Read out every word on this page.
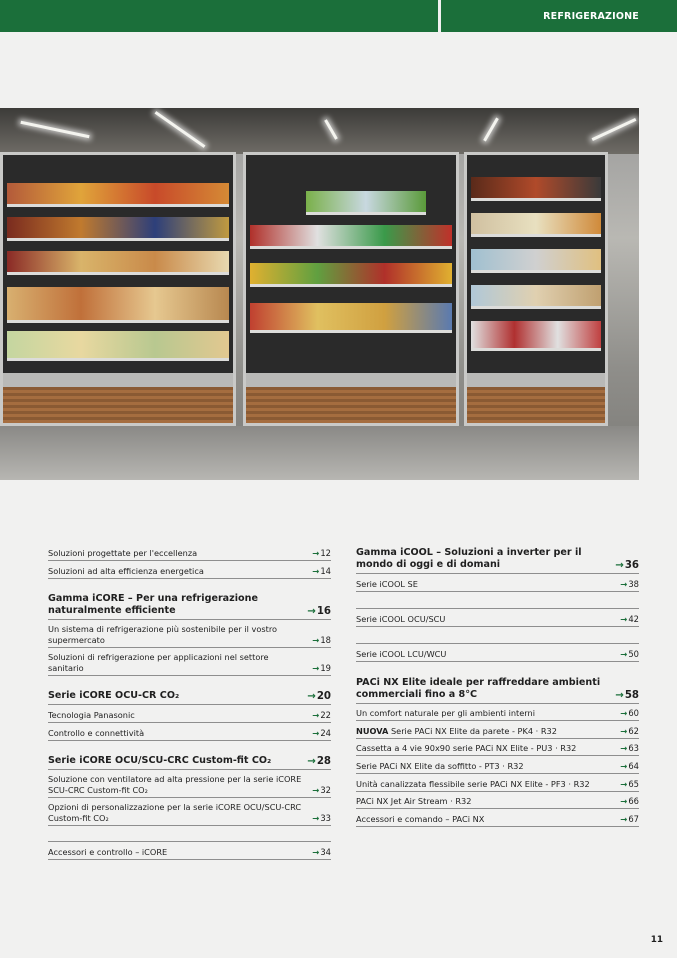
REFRIGERAZIONE
Soluzioni progettate per l'eccellenza	→12
Soluzioni ad alta efficienza energetica	→14
Gamma iCORE – Per una refrigerazione naturalmente efficiente	→16
Un sistema di refrigerazione più sostenibile per il vostro supermercato	→18
Soluzioni di refrigerazione per applicazioni nel settore sanitario	→19
Serie iCORE OCU-CR CO₂	→20
Tecnologia Panasonic	→22
Controllo e connettività	→24
Serie iCORE OCU/SCU-CRC Custom-fit CO₂	→28
Soluzione con ventilatore ad alta pressione per la serie iCORE SCU-CRC Custom-fit CO₂	→32
Opzioni di personalizzazione per la serie iCORE OCU/SCU-CRC Custom-fit CO₂	→33
Accessori e controllo – iCORE	→34
Gamma iCOOL – Soluzioni a inverter per il mondo di oggi e di domani	→36
Serie iCOOL SE	→38
Serie iCOOL OCU/SCU	→42
Serie iCOOL LCU/WCU	→50
PACi NX Elite ideale per raffreddare ambienti commerciali fino a 8°C	→58
Un comfort naturale per gli ambienti interni	→60
NUOVA Serie PACi NX Elite da parete - PK4 · R32	→62
Cassetta a 4 vie 90x90 serie PACi NX Elite - PU3 · R32	→63
Serie PACi NX Elite da soffitto - PT3 · R32	→64
Unità canalizzata flessibile serie PACi NX Elite - PF3 · R32	→65
PACi NX Jet Air Stream · R32	→66
Accessori e comando – PACi NX	→67
11
